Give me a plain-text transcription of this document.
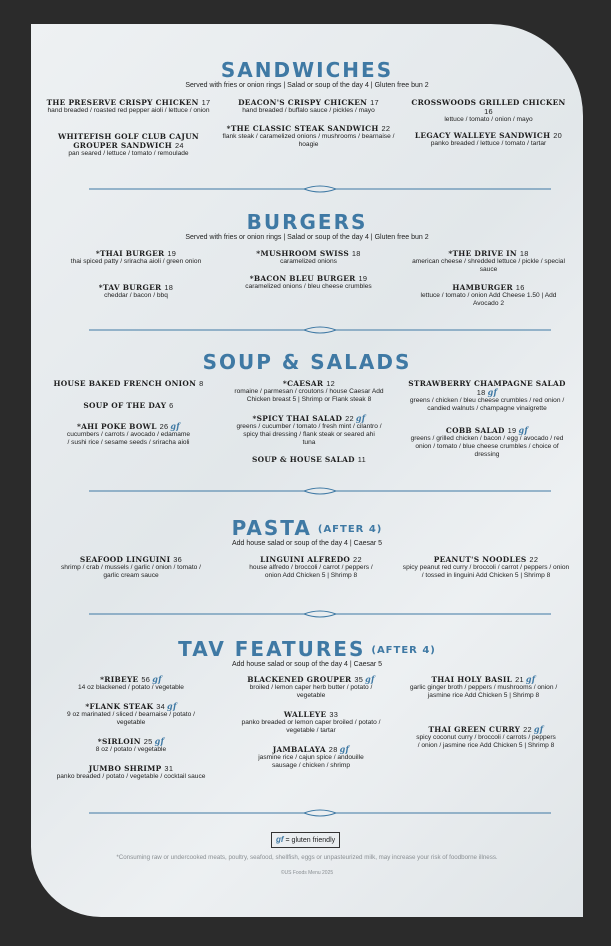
SANDWICHES

Served with fries or onion rings | Salad or soup of the day 4 | Gluten free bun 2

THE PRESERVE CRISPY CHICKEN 17
hand breaded / roasted red pepper aioli / lettuce / onion
WHITEFISH GOLF CLUB CAJUN GROUPER SANDWICH 24
pan seared / lettuce / tomato / remoulade
DEACON'S CRISPY CHICKEN 17
hand breaded / buffalo sauce / pickles / mayo
*THE CLASSIC STEAK SANDWICH 22
flank steak / caramelized onions / mushrooms / bearnaise / hoagie
CROSSWOODS GRILLED CHICKEN 16
lettuce / tomato / onion / mayo
LEGACY WALLEYE SANDWICH 20
panko breaded / lettuce / tomato / tartar
BURGERS

Served with fries or onion rings | Salad or soup of the day 4 | Gluten free bun 2

*THAI BURGER 19
thai spiced patty / sriracha aioli / green onion
*TAV BURGER 18
cheddar / bacon / bbq
*MUSHROOM SWISS 18
caramelized onions
*BACON BLEU BURGER 19
caramelized onions / bleu cheese crumbles
*THE DRIVE IN 18
american cheese / shredded lettuce / pickle / special sauce
HAMBURGER 16
lettuce / tomato / onion Add Cheese 1.50 | Add Avocado 2
SOUP & SALADS
HOUSE BAKED FRENCH ONION 8
SOUP OF THE DAY 6
*AHI POKE BOWL 26 gf
cucumbers / carrots / avocado / edamame / sushi rice / sesame seeds / sriracha aioli
*CAESAR 12
romaine / parmesan / croutons / house Caesar Add Chicken breast 5 | Shrimp or Flank steak 8
*SPICY THAI SALAD 22 gf
greens / cucumber / tomato / fresh mint / cilantro / spicy thai dressing / flank steak or seared ahi tuna
SOUP & HOUSE SALAD 11
STRAWBERRY CHAMPAGNE SALAD 18 gf
greens / chicken / bleu cheese crumbles / red onion / candied walnuts / champagne vinaigrette
COBB SALAD 19 gf
greens / grilled chicken / bacon / egg / avocado / red onion / tomato / blue cheese crumbles / choice of dressing
PASTA (AFTER 4)

Add house salad or soup of the day 4 | Caesar 5

SEAFOOD LINGUINI 36
shrimp / crab / mussels / garlic / onion / tomato / garlic cream sauce
LINGUINI ALFREDO 22
house alfredo / broccoli / carrot / peppers / onion Add Chicken 5 | Shrimp 8
PEANUT'S NOODLES 22
spicy peanut red curry / broccoli / carrot / peppers / onion / tossed in linguini Add Chicken 5 | Shrimp 8
TAV FEATURES (AFTER 4)

Add house salad or soup of the day 4 | Caesar 5

*RIBEYE 56 gf
14 oz blackened / potato / vegetable
*FLANK STEAK 34 gf
9 oz marinated / sliced / bearnaise / potato / vegetable
*SIRLOIN 25 gf
8 oz / potato / vegetable
JUMBO SHRIMP 31
panko breaded / potato / vegetable / cocktail sauce
BLACKENED GROUPER 35 gf
broiled / lemon caper herb butter / potato / vegetable
WALLEYE 33
panko breaded or lemon caper broiled / potato / vegetable / tartar
JAMBALAYA 28 gf
jasmine rice / cajun spice / andouille sausage / chicken / shrimp
THAI HOLY BASIL 21 gf
garlic ginger broth / peppers / mushrooms / onion / jasmine rice Add Chicken 5 | Shrimp 8
THAI GREEN CURRY 22 gf
spicy coconut curry / broccoli / carrots / peppers / onion / jasmine rice Add Chicken 5 | Shrimp 8
gf = gluten friendly
*Consuming raw or undercooked meats, poultry, seafood, shellfish, eggs or unpasteurized milk, may increase your risk of foodborne illness.
©US Foods Menu 2025
